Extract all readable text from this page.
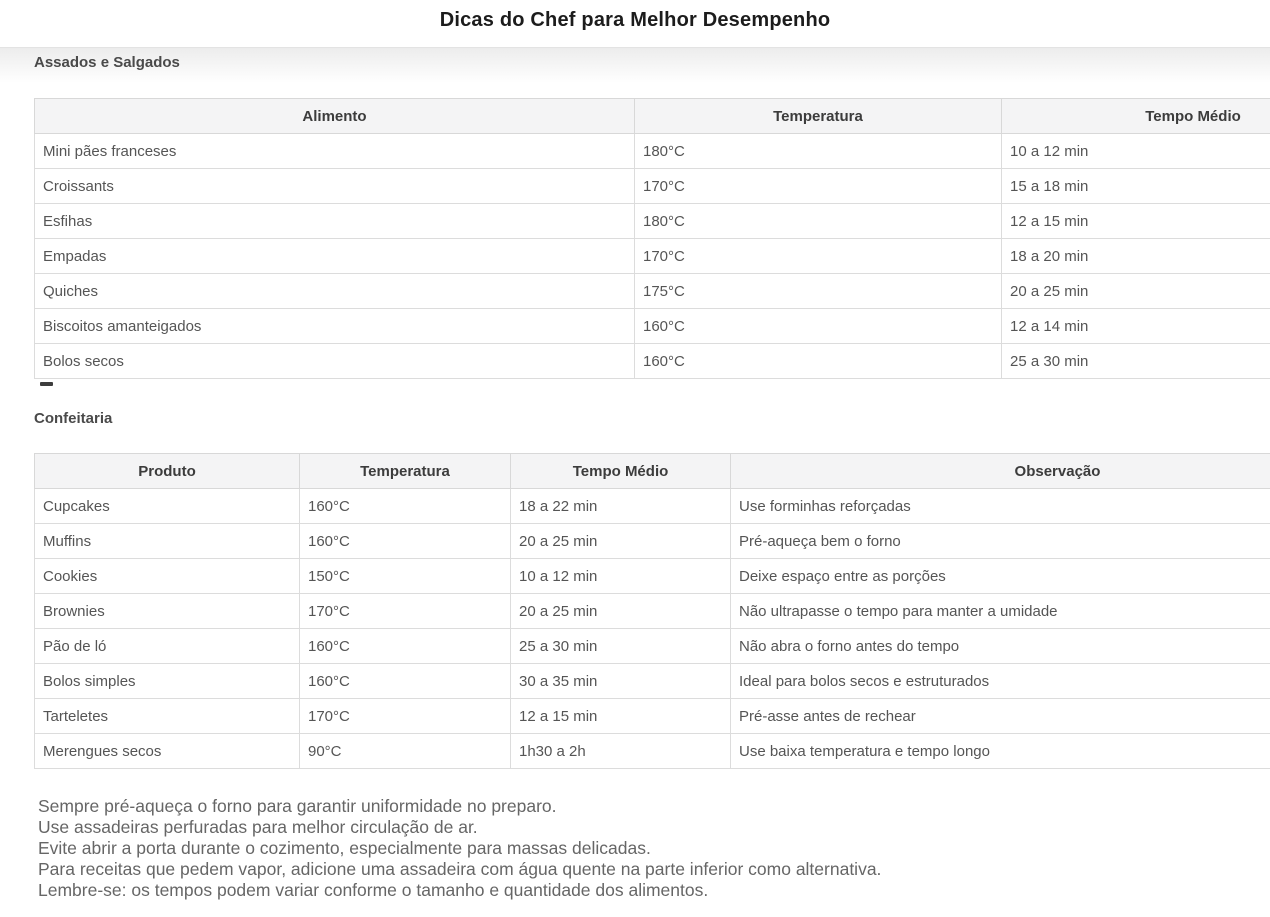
Dicas do Chef para Melhor Desempenho
Assados e Salgados
Alimento	Temperatura	Tempo Médio
Mini pães franceses	180°C	10 a 12 min
Croissants	170°C	15 a 18 min
Esfihas	180°C	12 a 15 min
Empadas	170°C	18 a 20 min
Quiches	175°C	20 a 25 min
Biscoitos amanteigados	160°C	12 a 14 min
Bolos secos	160°C	25 a 30 min
Confeitaria
Produto	Temperatura	Tempo Médio	Observação
Cupcakes	160°C	18 a 22 min	Use forminhas reforçadas
Muffins	160°C	20 a 25 min	Pré-aqueça bem o forno
Cookies	150°C	10 a 12 min	Deixe espaço entre as porções
Brownies	170°C	20 a 25 min	Não ultrapasse o tempo para manter a umidade
Pão de ló	160°C	25 a 30 min	Não abra o forno antes do tempo
Bolos simples	160°C	30 a 35 min	Ideal para bolos secos e estruturados
Tarteletes	170°C	12 a 15 min	Pré-asse antes de rechear
Merengues secos	90°C	1h30 a 2h	Use baixa temperatura e tempo longo
Sempre pré-aqueça o forno para garantir uniformidade no preparo.
Use assadeiras perfuradas para melhor circulação de ar.
Evite abrir a porta durante o cozimento, especialmente para massas delicadas.
Para receitas que pedem vapor, adicione uma assadeira com água quente na parte inferior como alternativa.
Lembre-se: os tempos podem variar conforme o tamanho e quantidade dos alimentos.
